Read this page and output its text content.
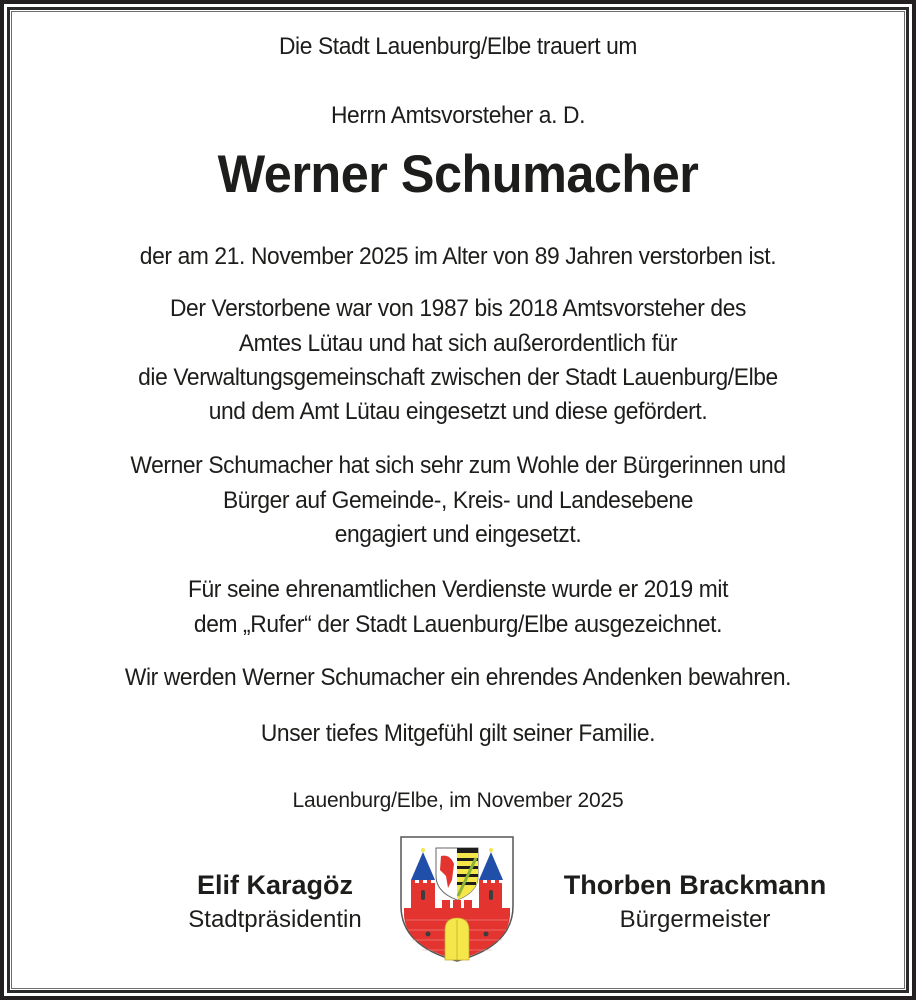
Die Stadt Lauenburg/Elbe trauert um
Herrn Amtsvorsteher a. D.
Werner Schumacher
der am 21. November 2025 im Alter von 89 Jahren verstorben ist.
Der Verstorbene war von 1987 bis 2018 Amtsvorsteher des
Amtes Lütau und hat sich außerordentlich für
die Verwaltungsgemeinschaft zwischen der Stadt Lauenburg/Elbe
und dem Amt Lütau eingesetzt und diese gefördert.
Werner Schumacher hat sich sehr zum Wohle der Bürgerinnen und
Bürger auf Gemeinde-, Kreis- und Landesebene
engagiert und eingesetzt.
Für seine ehrenamtlichen Verdienste wurde er 2019 mit
dem „Rufer“ der Stadt Lauenburg/Elbe ausgezeichnet.
Wir werden Werner Schumacher ein ehrendes Andenken bewahren.
Unser tiefes Mitgefühl gilt seiner Familie.
Lauenburg/Elbe, im November 2025
Elif Karagöz
Stadtpräsidentin
Thorben Brackmann
Bürgermeister
